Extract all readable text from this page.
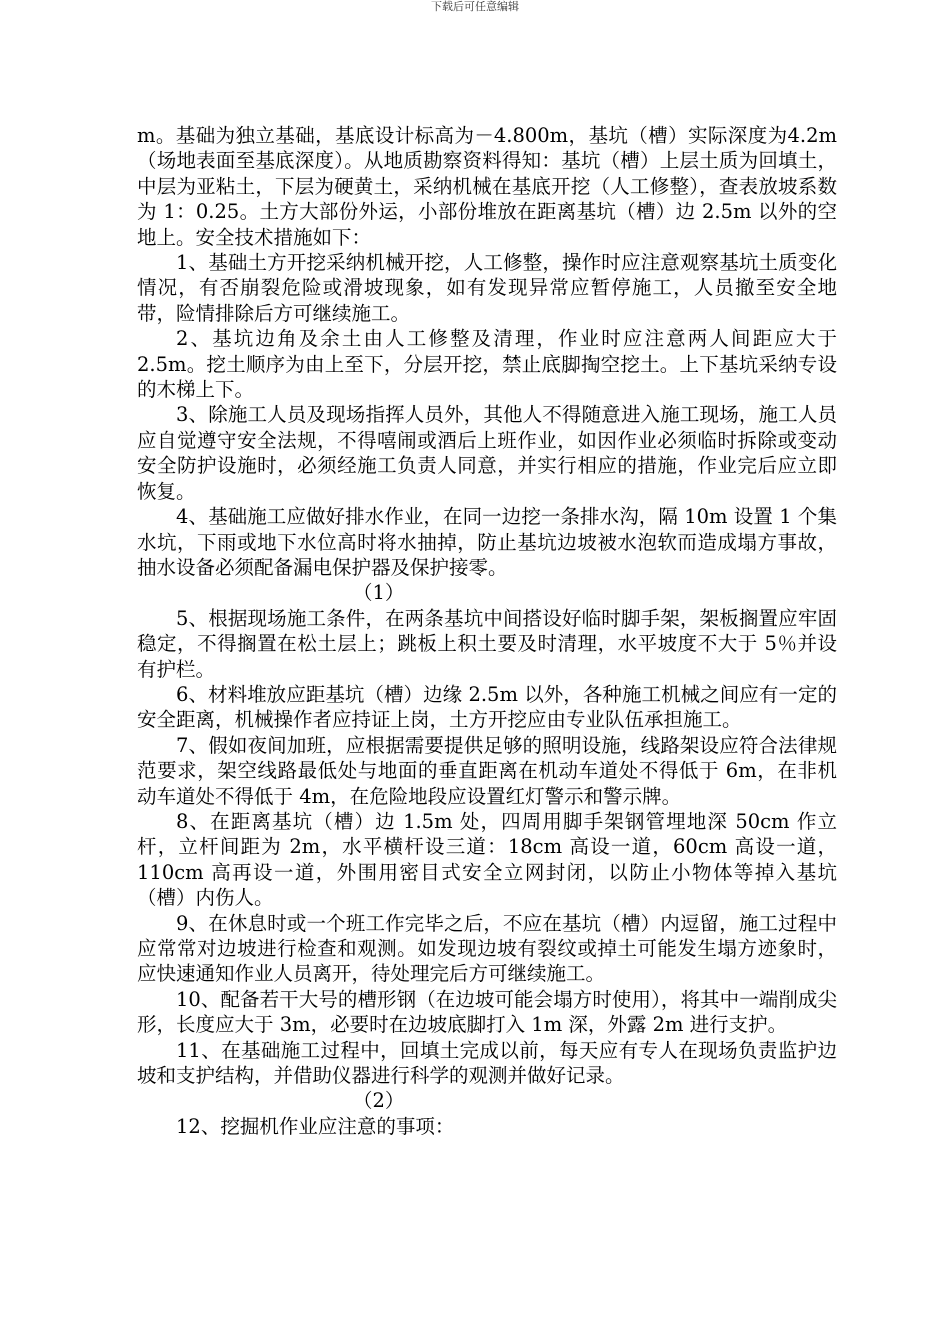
下载后可任意编辑

m。基础为独立基础，基底设计标高为－4.800m，基坑（槽）实际深度为4.2m（场地表面至基底深度）。从地质勘察资料得知：基坑（槽）上层土质为回填土，中层为亚粘土，下层为硬黄土，采纳机械在基底开挖（人工修整），查表放坡系数为 1：0.25。土方大部份外运，小部份堆放在距离基坑（槽）边 2.5m 以外的空地上。安全技术措施如下：

1、基础土方开挖采纳机械开挖，人工修整，操作时应注意观察基坑土质变化情况，有否崩裂危险或滑坡现象，如有发现异常应暂停施工，人员撤至安全地带，险情排除后方可继续施工。

2、基坑边角及余土由人工修整及清理，作业时应注意两人间距应大于 2.5m。挖土顺序为由上至下，分层开挖，禁止底脚掏空挖土。上下基坑采纳专设的木梯上下。

3、除施工人员及现场指挥人员外，其他人不得随意进入施工现场，施工人员应自觉遵守安全法规，不得嘻闹或酒后上班作业，如因作业必须临时拆除或变动安全防护设施时，必须经施工负责人同意，并实行相应的措施，作业完后应立即恢复。

4、基础施工应做好排水作业，在同一边挖一条排水沟，隔 10m 设置 1 个集水坑，下雨或地下水位高时将水抽掉，防止基坑边坡被水泡软而造成塌方事故，抽水设备必须配备漏电保护器及保护接零。

（1）

5、根据现场施工条件，在两条基坑中间搭设好临时脚手架，架板搁置应牢固稳定，不得搁置在松土层上；跳板上积土要及时清理，水平坡度不大于 5％并设有护栏。

6、材料堆放应距基坑（槽）边缘 2.5m 以外，各种施工机械之间应有一定的安全距离，机械操作者应持证上岗，土方开挖应由专业队伍承担施工。

7、假如夜间加班，应根据需要提供足够的照明设施，线路架设应符合法律规范要求，架空线路最低处与地面的垂直距离在机动车道处不得低于 6m，在非机动车道处不得低于 4m，在危险地段应设置红灯警示和警示牌。

8、在距离基坑（槽）边 1.5m 处，四周用脚手架钢管埋地深 50cm 作立杆，立杆间距为 2m，水平横杆设三道：18cm 高设一道，60cm 高设一道，110cm 高再设一道，外围用密目式安全立网封闭，以防止小物体等掉入基坑（槽）内伤人。

9、在休息时或一个班工作完毕之后，不应在基坑（槽）内逗留，施工过程中应常常对边坡进行检查和观测。如发现边坡有裂纹或掉土可能发生塌方迹象时，应快速通知作业人员离开，待处理完后方可继续施工。

10、配备若干大号的槽形钢（在边坡可能会塌方时使用），将其中一端削成尖形，长度应大于 3m，必要时在边坡底脚打入 1m 深，外露 2m 进行支护。

11、在基础施工过程中，回填土完成以前，每天应有专人在现场负责监护边坡和支护结构，并借助仪器进行科学的观测并做好记录。

（2）

12、挖掘机作业应注意的事项：
